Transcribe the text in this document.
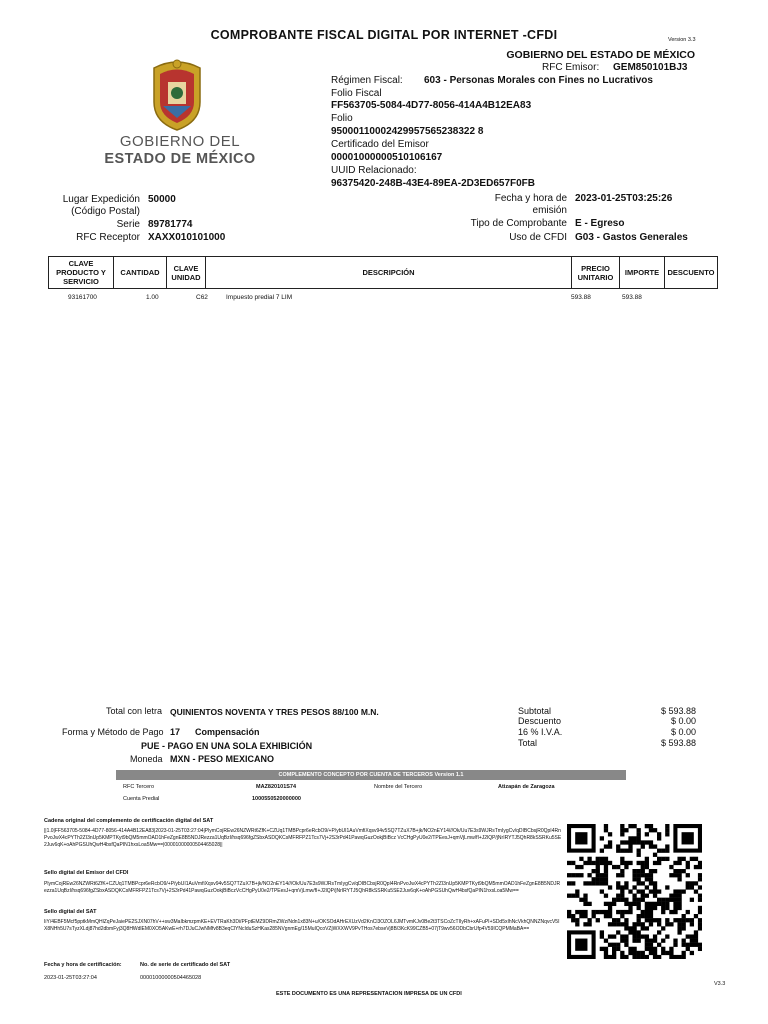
COMPROBANTE FISCAL DIGITAL POR INTERNET -CFDI	Version 3.3
GOBIERNO DEL
ESTADO DE MÉXICO
GOBIERNO DEL ESTADO DE MÉXICO
RFC Emisor: GEM850101BJ3
Régimen Fiscal: 603 - Personas Morales con Fines no Lucrativos
Folio Fiscal
FF563705-5084-4D77-8056-414A4B12EA83
Folio
95000110002429957565238322 8
Certificado del Emisor
00001000000510106167
UUID Relacionado:
96375420-248B-43E4-89EA-2D3ED657F0FB
Lugar Expedición
(Código Postal)
50000
Serie 89781774
RFC Receptor XAXX010101000
Fecha y hora de
emisión
2023-01-25T03:25:26
Tipo de Comprobante E - Egreso
Uso de CFDI G03 - Gastos Generales
CLAVE PRODUCTO Y SERVICIO	CANTIDAD	CLAVE UNIDAD	DESCRIPCIÓN	PRECIO UNITARIO	IMPORTE	DESCUENTO
93161700	1.00	C62	Impuesto predial 7 LIM	593.88	593.88
Total con letra QUINIENTOS NOVENTA Y TRES PESOS 88/100 M.N.
Forma y Método de Pago 17 Compensación
PUE - PAGO EN UNA SOLA EXHIBICIÓN
Moneda MXN - PESO MEXICANO
Subtotal	$ 593.88
Descuento	$ 0.00
16 % I.V.A.	$ 0.00
Total	$ 593.88
COMPLEMENTO CONCEPTO POR CUENTA DE TERCEROS Version 1.1
RFC Tercero	MAZ820101S74	Nombre del Tercero	Atizapán de Zaragoza
Cuenta Predial	1000550520000000
Cadena original del complemento de certificación digital del SAT
||1.0|FF563705-5084-4D77-8056-414A4B12EA83|2023-01-25T03:27:04|PlymCojREw26NZWRt6ZfK+CZUq1TMBPcpr6eRcbO9/+P/ybUI1AuVmfiXqsv94v5SQ7TZuX7B+jk/NO2nEY14///Ok/Uu7E3s9WJRsTmIygCv/qDIBCbsjR0QpI4RnPvoJwX4cPYTh2ZI3nUp5KMPTKyt9bQM5mmOAD1hFeZgnE8B5NDJRezza1UqBzI/hsq696fgZSbxASDQKCsMFRFPZ1Tcs7Vj+2S3rPd41PawqGuzOokjBiBcz VcCHgPyU0e2/TPEesJ+qmVjLmw/fI+J2lQP/jNrIRYTJ5QhR8kSSRKu5SE2Juv6qK+oAhPGSUhQwH4bsfQaPIN1hxsLoa5Mw==|00001000000504465028||
Sello digital del Emisor del CFDI
PlymCojREw26NZWRt6ZfK+CZUq1TMBPcpr6eRcbO9/+P/ybUI1AuVmfiXqsv94v5SQ7TZuX7B+jk/NO2nEY14///Ok/Uu7E3s9WJRsTmIygCv/qDIBCbsjR0QpI4RnPvoJwX4cPYTh2ZI3nUp5KMPTKyt9bQM5mmOAD1hFeZgnE8B5NDJRezza1UqBzI/hsq696fgZSbxASDQKCsMFRFPZ1Tcs7Vj+2S3rPd41PawqGuzOokjBiBczVcCHgPyU0e2/TPEesJ+qmVjLmw/fI+J2lQP/jNrIRYTJ5QhR8kSSRKu5SE2Juv6qK+oAhPGSUhQwH4bsfQaPIN1hxsLoa5Mw==
Sello digital del SAT
IiY/4EBF5Mcf5pptkMmQHlZqPeJaiePE2SJXN07hV++sw3MaIbkmzpmKE+EVTRaKh3Di/PFptEMZ9DRmZWz/Ndn1x83N+u/OKSOdAHrEXUzVd2KnCl3OZOL6JMTvmKJv0Be2t3TSCoZcTIIyRh+xAFuPI+SDd5xIhNcVkhQNNZNqvcV5IX8NHh5U7sTyzXLdj87hd2dbmFyj3Q8HWdlEM0XO5AKwE+rh7DJuCJwNMfv8B3eqClYNcIduSzHKas285NVgnmEg/15MuIQcoVZjWXXWV9PvTHos7ebseVj8B/3KcK99CZB5+07jT9wv56ODbCbrUfp4V59ICQPMMaBA==
Fecha y hora de certificación:
2023-01-25T03:27:04
No. de serie de certificado del SAT
00001000000504465028
ESTE DOCUMENTO ES UNA REPRESENTACION IMPRESA DE UN CFDI
V3.3
